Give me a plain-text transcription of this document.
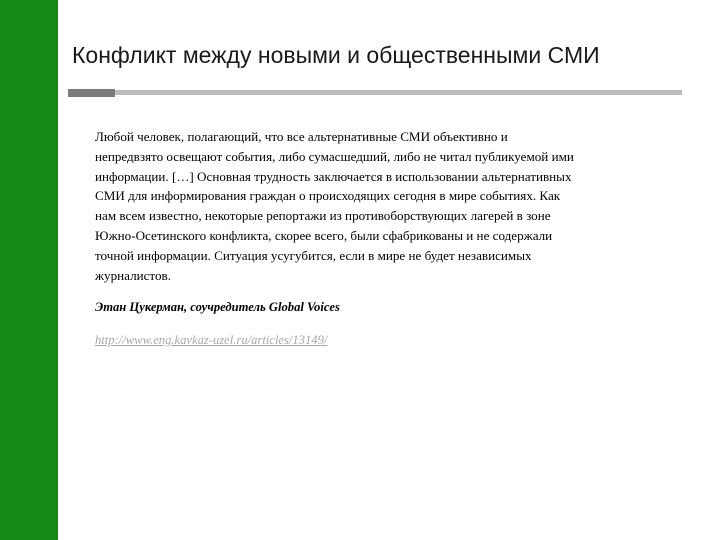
Конфликт между новыми и общественными СМИ
Любой человек, полагающий, что все альтернативные СМИ объективно и
непредвзято освещают события, либо сумасшедший, либо не читал публикуемой ими
информации. […] Основная трудность заключается в использовании альтернативных
СМИ для информирования граждан о происходящих сегодня в мире событиях. Как
нам всем известно, некоторые репортажи из противоборствующих лагерей в зоне
Южно-Осетинского конфликта, скорее всего, были сфабрикованы и не содержали
точной информации. Ситуация усугубится, если в мире не будет независимых
журналистов.
Этан Цукерман, соучредитель Global Voices
http://www.eng.kavkaz-uzel.ru/articles/13149/
